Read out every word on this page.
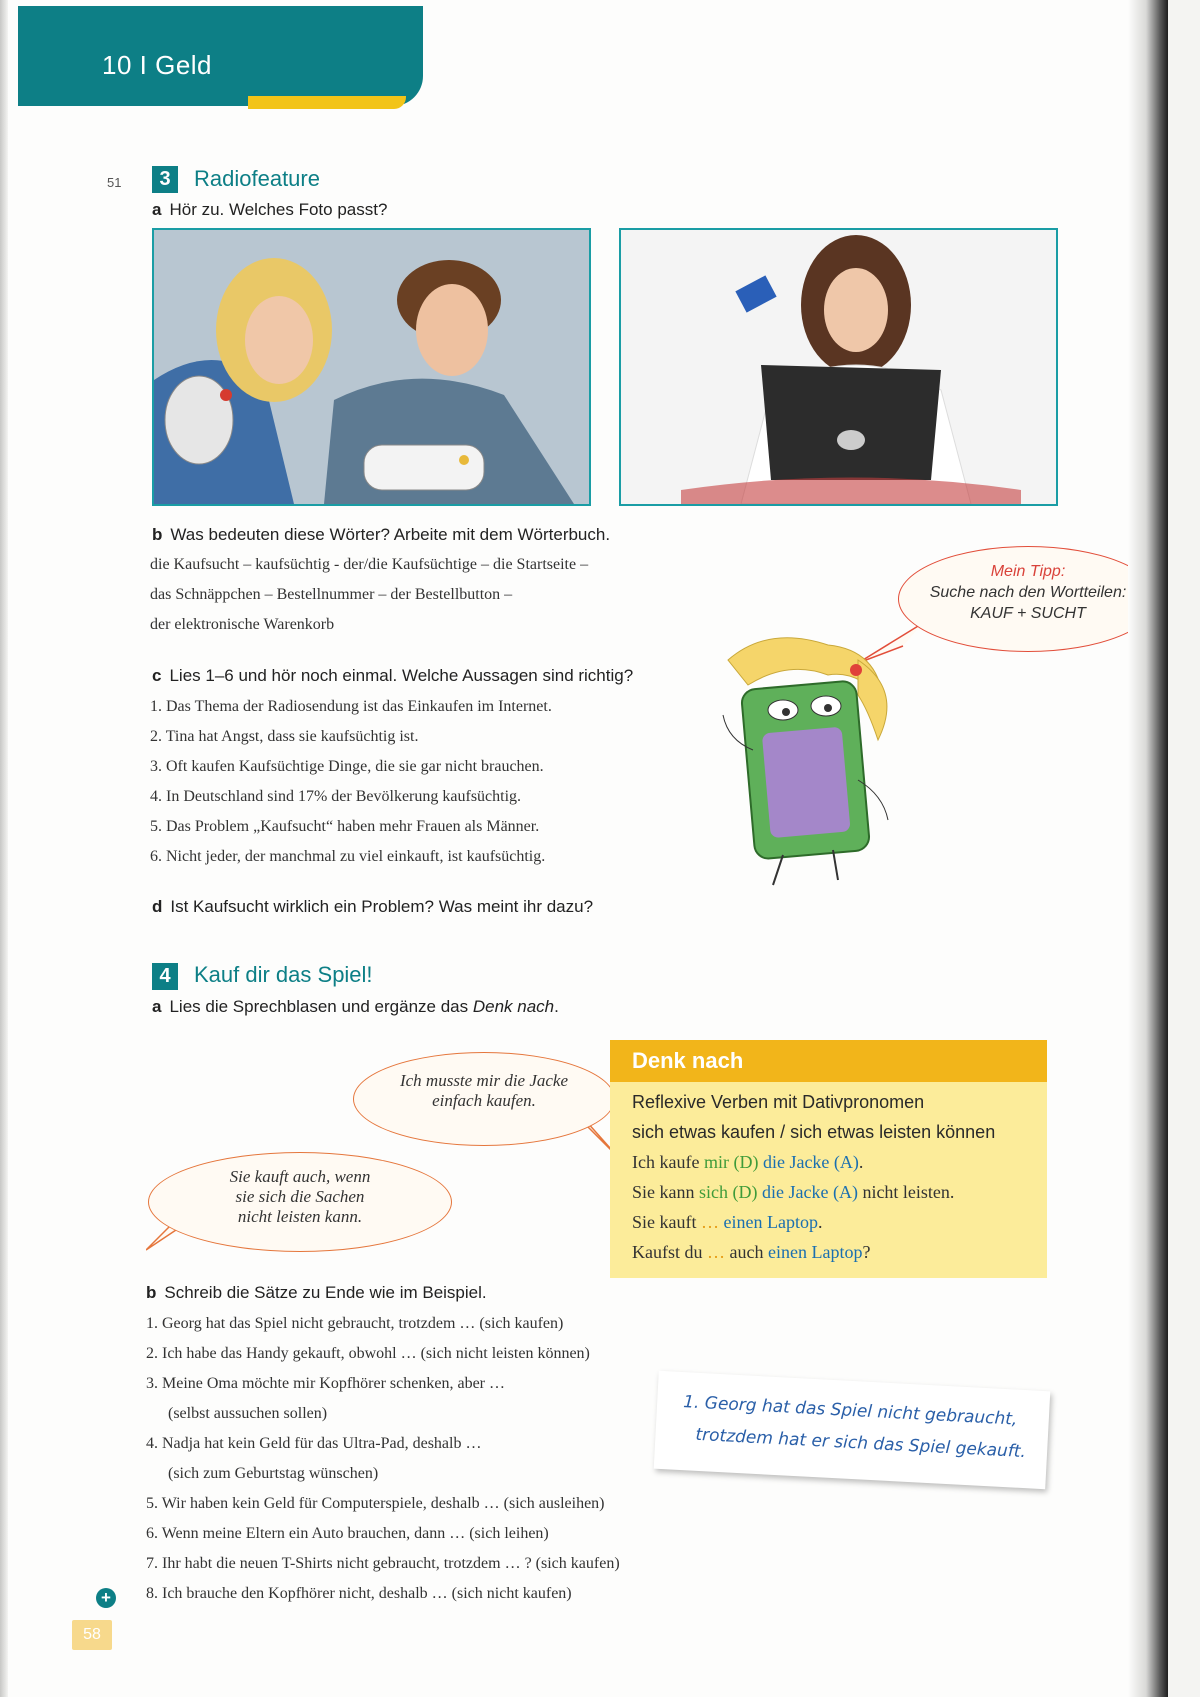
10 I Geld
51	3	Radiofeature
a Hör zu. Welches Foto passt?
b Was bedeuten diese Wörter? Arbeite mit dem Wörterbuch.
die Kaufsucht – kaufsüchtig - der/die Kaufsüchtige – die Startseite –
das Schnäppchen – Bestellnummer – der Bestellbutton –
der elektronische Warenkorb
Mein Tipp:
Suche nach den Wortteilen:
KAUF + SUCHT
c Lies 1–6 und hör noch einmal. Welche Aussagen sind richtig?
1. Das Thema der Radiosendung ist das Einkaufen im Internet.
2. Tina hat Angst, dass sie kaufsüchtig ist.
3. Oft kaufen Kaufsüchtige Dinge, die sie gar nicht brauchen.
4. In Deutschland sind 17% der Bevölkerung kaufsüchtig.
5. Das Problem „Kaufsucht“ haben mehr Frauen als Männer.
6. Nicht jeder, der manchmal zu viel einkauft, ist kaufsüchtig.
d Ist Kaufsucht wirklich ein Problem? Was meint ihr dazu?
4	Kauf dir das Spiel!
a Lies die Sprechblasen und ergänze das Denk nach.
Ich musste mir die Jacke
einfach kaufen.
Sie kauft auch, wenn
sie sich die Sachen
nicht leisten kann.
Denk nach
Reflexive Verben mit Dativpronomen
sich etwas kaufen / sich etwas leisten können
Ich kaufe mir (D) die Jacke (A).
Sie kann sich (D) die Jacke (A) nicht leisten.
Sie kauft … einen Laptop.
Kaufst du … auch einen Laptop?
b Schreib die Sätze zu Ende wie im Beispiel.
1. Georg hat das Spiel nicht gebraucht, trotzdem … (sich kaufen)
2. Ich habe das Handy gekauft, obwohl … (sich nicht leisten können)
3. Meine Oma möchte mir Kopfhörer schenken, aber …
(selbst aussuchen sollen)
4. Nadja hat kein Geld für das Ultra-Pad, deshalb …
(sich zum Geburtstag wünschen)
5. Wir haben kein Geld für Computerspiele, deshalb … (sich ausleihen)
6. Wenn meine Eltern ein Auto brauchen, dann … (sich leihen)
7. Ihr habt die neuen T-Shirts nicht gebraucht, trotzdem … ? (sich kaufen)
8. Ich brauche den Kopfhörer nicht, deshalb … (sich nicht kaufen)
1. Georg hat das Spiel nicht gebraucht,
trotzdem hat er sich das Spiel gekauft.
+
58
